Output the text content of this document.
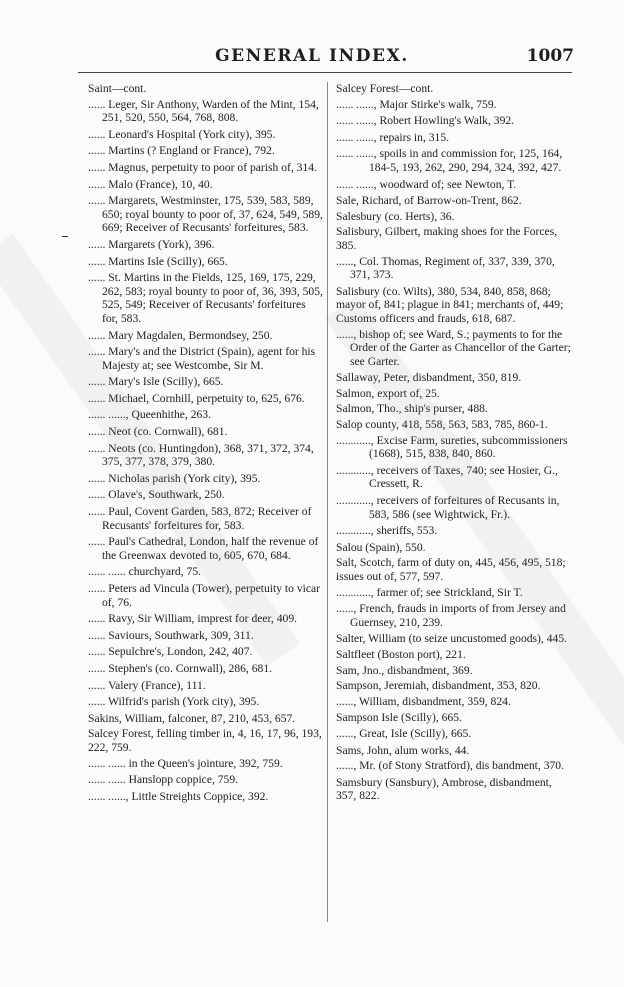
GENERAL INDEX.	1007
Saint—cont.
...... Leger, Sir Anthony, Warden of the Mint, 154, 251, 520, 550, 564, 768, 808.
...... Leonard's Hospital (York city), 395.
...... Martins (? England or France), 792.
...... Magnus, perpetuity to poor of parish of, 314.
...... Malo (France), 10, 40.
...... Margarets, Westminster, 175, 539, 583, 589, 650; royal bounty to poor of, 37, 624, 549, 589, 669; Receiver of Recusants' forfeitures, 583.
...... Margarets (York), 396.
...... Martins Isle (Scilly), 665.
...... St. Martins in the Fields, 125, 169, 175, 229, 262, 583; royal bounty to poor of, 36, 393, 505, 525, 549; Receiver of Recusants' forfeitures for, 583.
...... Mary Magdalen, Bermondsey, 250.
...... Mary's and the District (Spain), agent for his Majesty at; see Westcombe, Sir M.
...... Mary's Isle (Scilly), 665.
...... Michael, Cornhill, perpetuity to, 625, 676.
...... ......, Queenhithe, 263.
...... Neot (co. Cornwall), 681.
...... Neots (co. Huntingdon), 368, 371, 372, 374, 375, 377, 378, 379, 380.
...... Nicholas parish (York city), 395.
...... Olave's, Southwark, 250.
...... Paul, Covent Garden, 583, 872; Receiver of Recusants' forfeitures for, 583.
...... Paul's Cathedral, London, half the revenue of the Greenwax devoted to, 605, 670, 684.
...... ...... churchyard, 75.
...... Peters ad Vincula (Tower), perpetuity to vicar of, 76.
...... Ravy, Sir William, imprest for deer, 409.
...... Saviours, Southwark, 309, 311.
...... Sepulchre's, London, 242, 407.
...... Stephen's (co. Cornwall), 286, 681.
...... Valery (France), 111.
...... Wilfrid's parish (York city), 395.
Sakins, William, falconer, 87, 210, 453, 657.
Salcey Forest, felling timber in, 4, 16, 17, 96, 193, 222, 759.
...... ...... in the Queen's jointure, 392, 759.
...... ...... Hanslopp coppice, 759.
...... ......, Little Streights Coppice, 392.
Salcey Forest—cont.
...... ......, Major Stirke's walk, 759.
...... ......, Robert Howling's Walk, 392.
...... ......, repairs in, 315.
...... ......, spoils in and commission for, 125, 164, 184-5, 193, 262, 290, 294, 324, 392, 427.
...... ......, woodward of; see Newton, T.
Sale, Richard, of Barrow-on-Trent, 862.
Salesbury (co. Herts), 36.
Salisbury, Gilbert, making shoes for the Forces, 385.
......, Col. Thomas, Regiment of, 337, 339, 370, 371, 373.
Salisbury (co. Wilts), 380, 534, 840, 858, 868; mayor of, 841; plague in 841; merchants of, 449; Customs officers and frauds, 618, 687.
......, bishop of; see Ward, S.; payments to for the Order of the Garter as Chancellor of the Garter; see Garter.
Sallaway, Peter, disbandment, 350, 819.
Salmon, export of, 25.
Salmon, Tho., ship's purser, 488.
Salop county, 418, 558, 563, 583, 785, 860-1.
............, Excise Farm, sureties, subcommissioners (1668), 515, 838, 840, 860.
............, receivers of Taxes, 740; see Hosier, G., Cressett, R.
............, receivers of forfeitures of Recusants in, 583, 586 (see Wightwick, Fr.).
............, sheriffs, 553.
Salou (Spain), 550.
Salt, Scotch, farm of duty on, 445, 456, 495, 518; issues out of, 577, 597.
............, farmer of; see Strickland, Sir T.
......, French, frauds in imports of from Jersey and Guernsey, 210, 239.
Salter, William (to seize uncustomed goods), 445.
Saltfleet (Boston port), 221.
Sam, Jno., disbandment, 369.
Sampson, Jeremiah, disbandment, 353, 820.
......, William, disbandment, 359, 824.
Sampson Isle (Scilly), 665.
......, Great, Isle (Scilly), 665.
Sams, John, alum works, 44.
......, Mr. (of Stony Stratford), dis bandment, 370.
Samsbury (Sansbury), Ambrose, disbandment, 357, 822.
